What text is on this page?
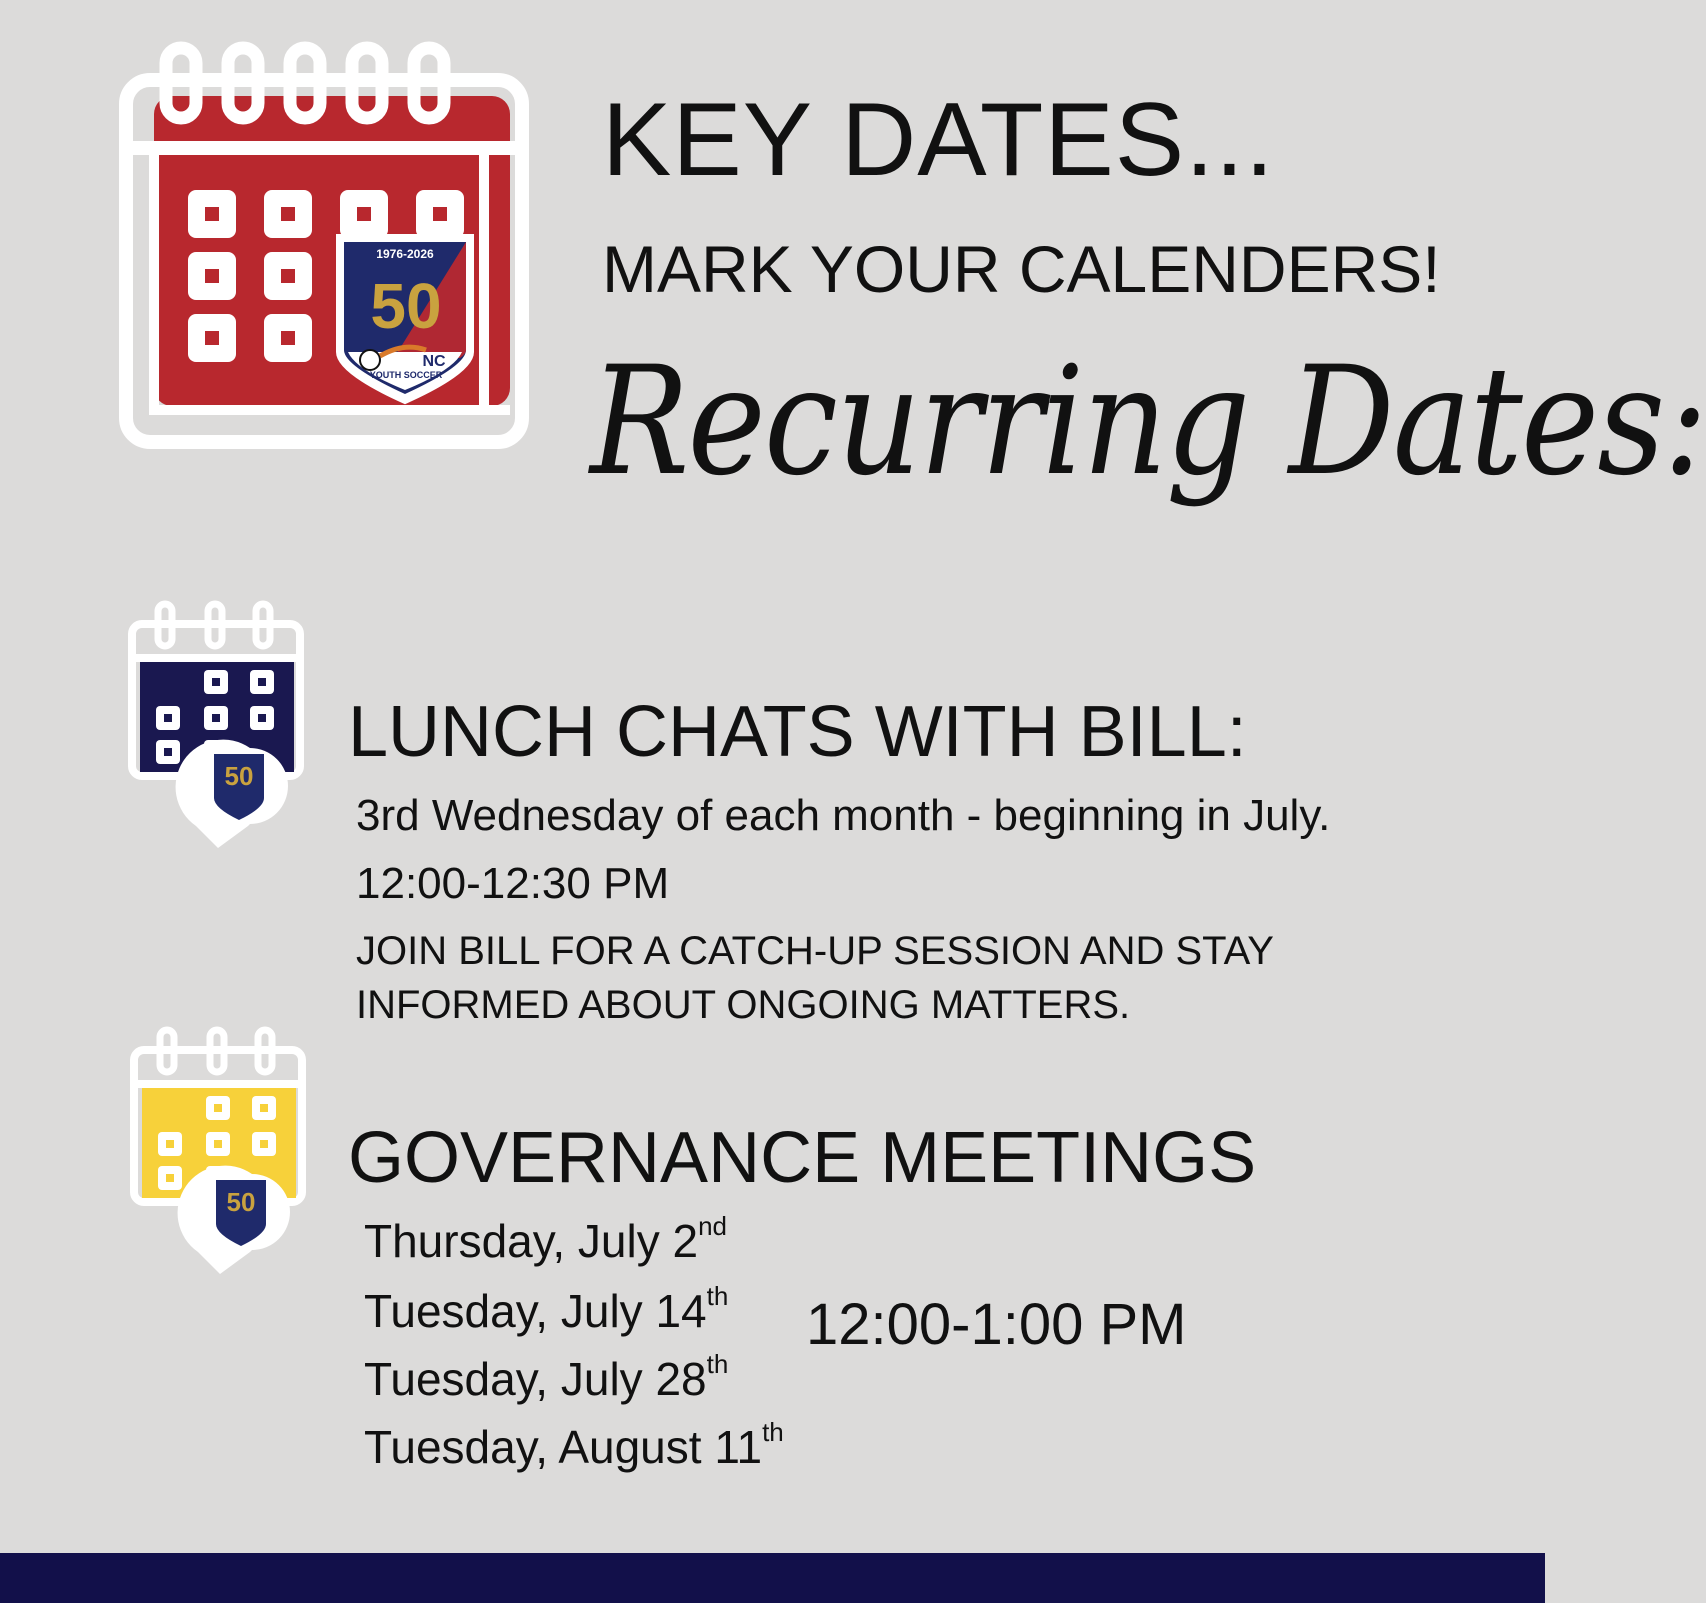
1976-2026
50
NC
YOUTH SOCCER
KEY DATES...
MARK YOUR CALENDERS!
Recurring Dates:
50
LUNCH CHATS WITH BILL:
3rd Wednesday of each month - beginning in July.
12:00-12:30 PM
JOIN BILL FOR A CATCH-UP SESSION AND STAY
INFORMED ABOUT ONGOING MATTERS.
50
GOVERNANCE MEETINGS
Thursday, July 2nd
Tuesday, July 14th
Tuesday, July 28th
Tuesday, August 11th
12:00-1:00 PM
